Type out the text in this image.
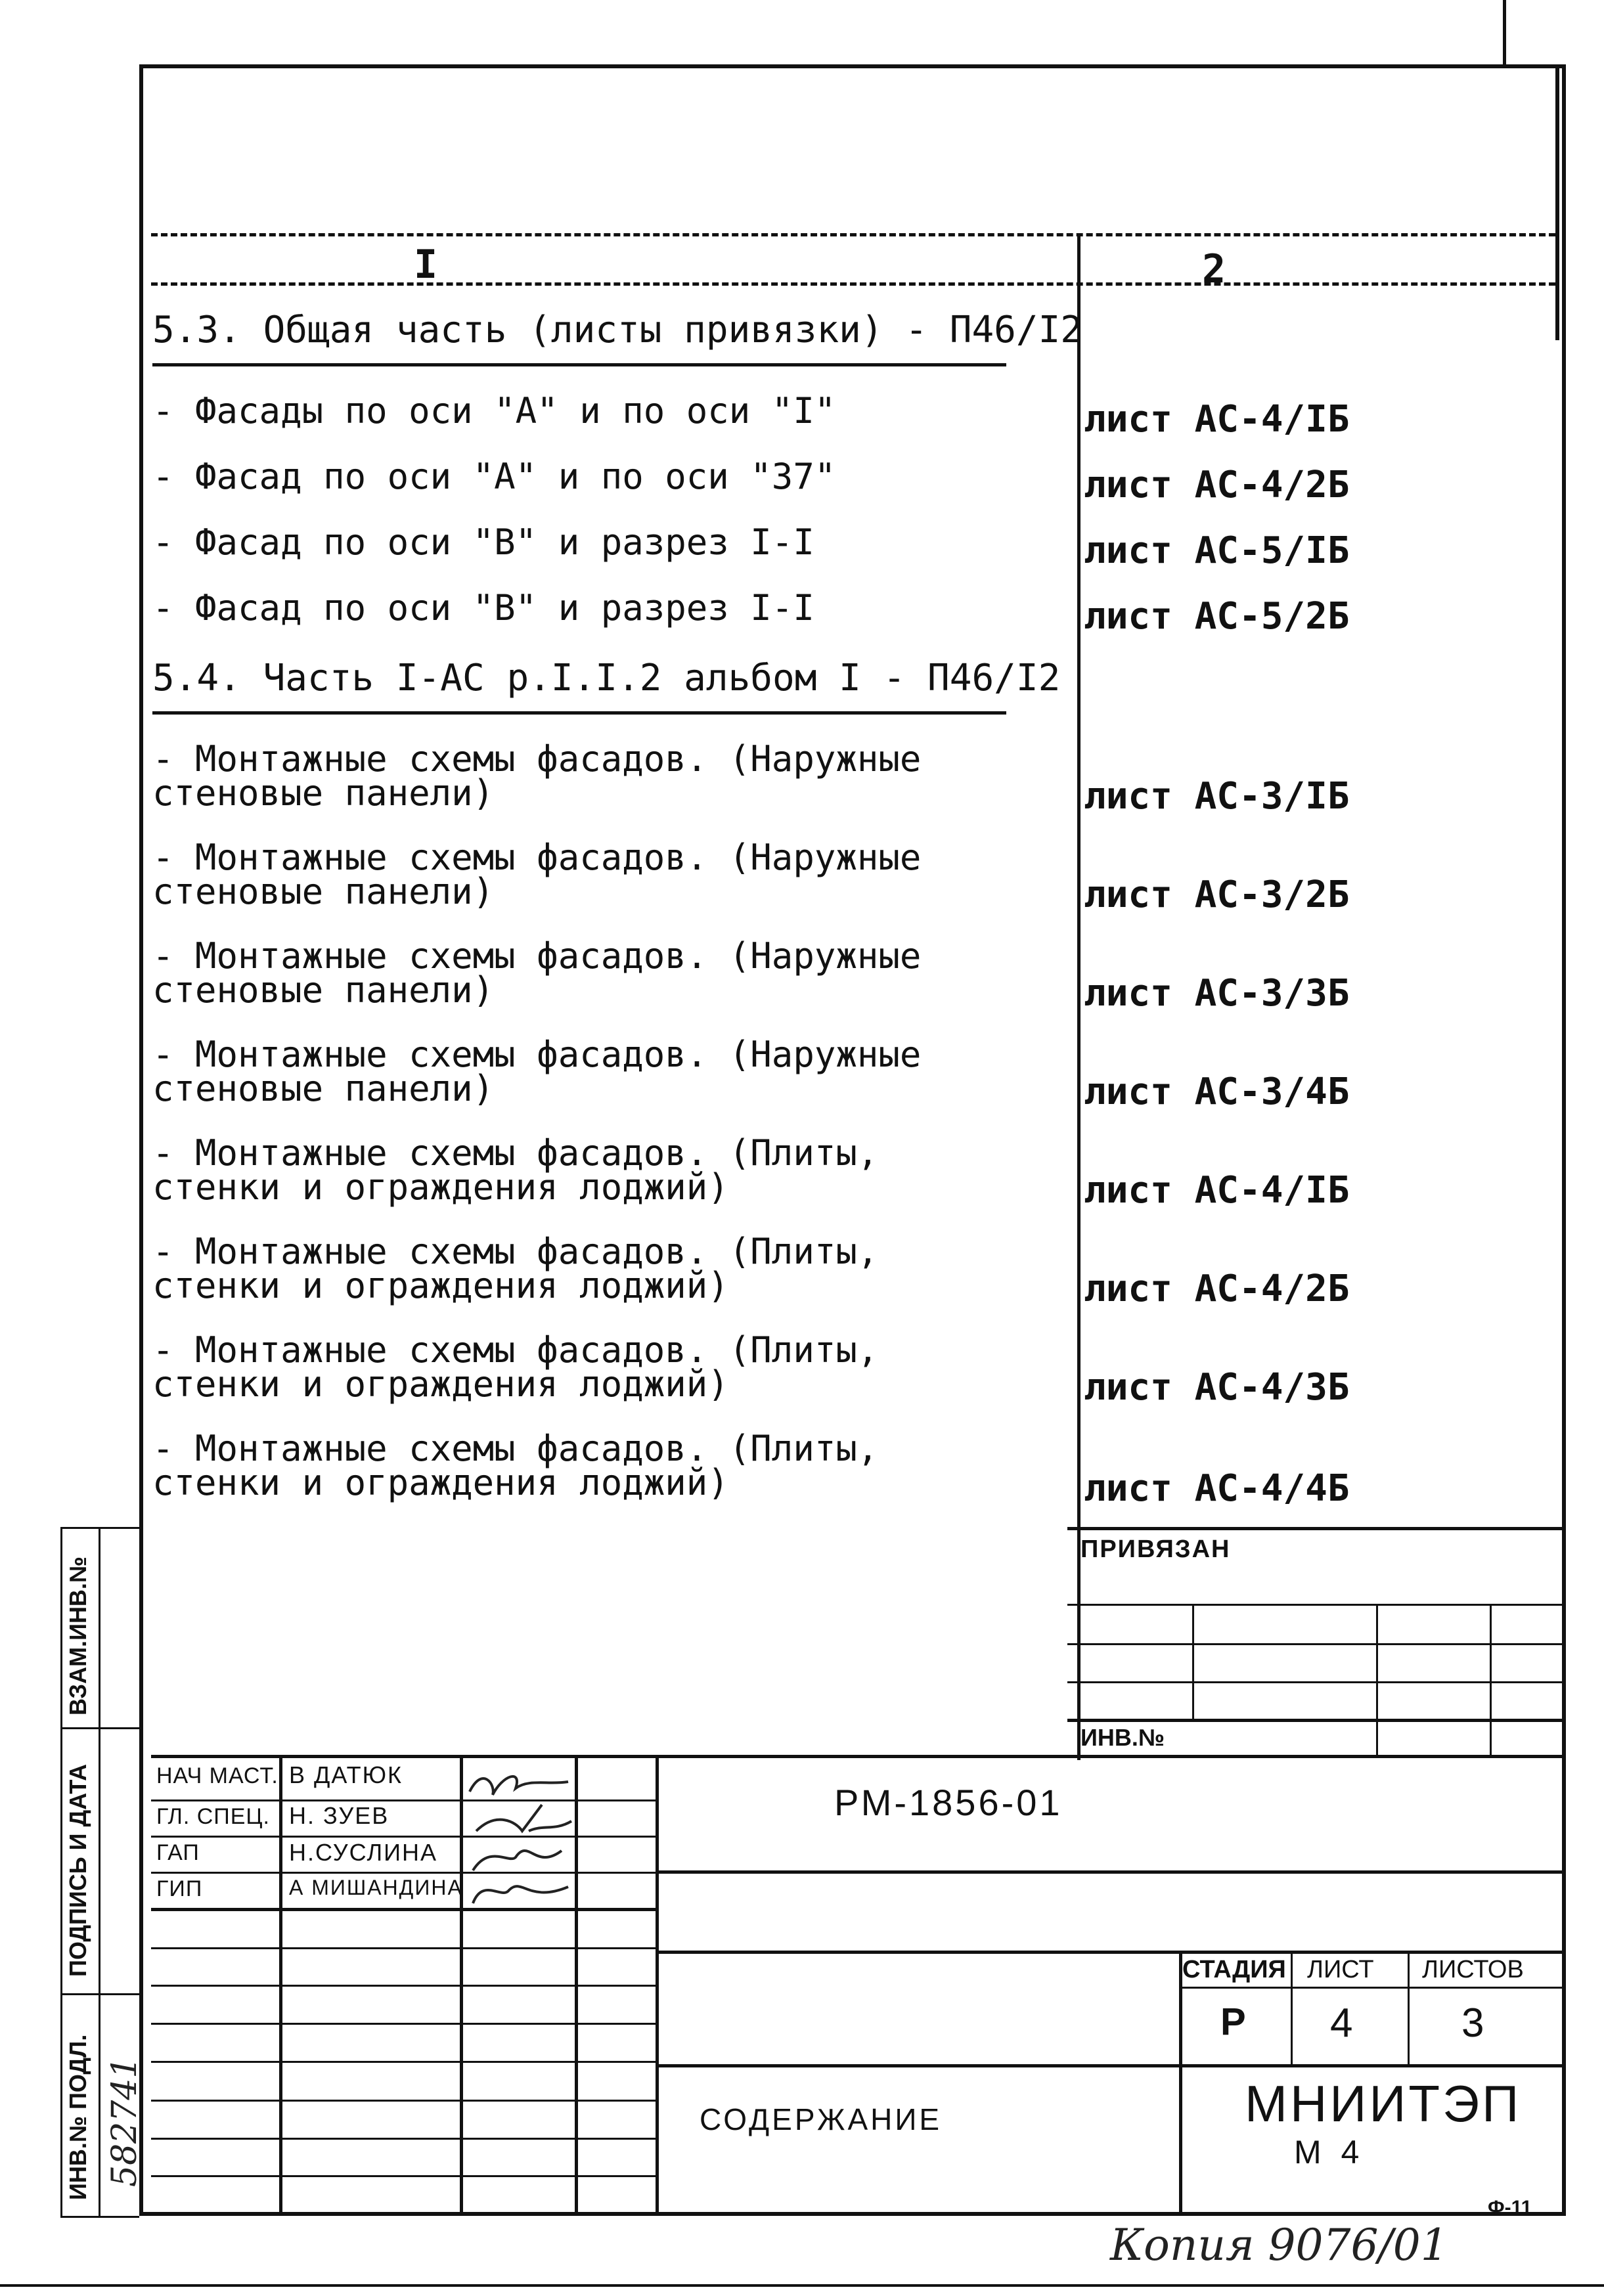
I	2
5.3. Общая часть (листы привязки) - П46/I2
- Фасады по оси "А" и по оси "I"	лист АС-4/IБ
- Фасад по оси "А" и по оси "37"	лист АС-4/2Б
- Фасад по оси "В" и разрез I-I	лист АС-5/IБ
- Фасад по оси "В" и разрез I-I	лист АС-5/2Б
5.4. Часть I-АС р.I.I.2 альбом I - П46/I2
- Монтажные схемы фасадов. (Наружные
стеновые панели)	лист АС-3/IБ
- Монтажные схемы фасадов. (Наружные
стеновые панели)	лист АС-3/2Б
- Монтажные схемы фасадов. (Наружные
стеновые панели)	лист АС-3/3Б
- Монтажные схемы фасадов. (Наружные
стеновые панели)	лист АС-3/4Б
- Монтажные схемы фасадов. (Плиты,
стенки и ограждения лоджий)	лист АС-4/IБ
- Монтажные схемы фасадов. (Плиты,
стенки и ограждения лоджий)	лист АС-4/2Б
- Монтажные схемы фасадов. (Плиты,
стенки и ограждения лоджий)	лист АС-4/3Б
- Монтажные схемы фасадов. (Плиты,
стенки и ограждения лоджий)	лист АС-4/4Б
ПРИВЯЗАН
ИНВ.№
НАЧ МАСТ. В ДАТЮК
ГЛ. СПЕЦ. Н. ЗУЕВ
ГАП	Н.СУСЛИНА
ГИП	А МИШАНДИНА
РМ-1856-01
СТАДИЯ ЛИСТ ЛИСТОВ
Р 4	3
СОДЕРЖАНИЕ	МНИИТЭП
М 4
ВЗАМ.ИНВ.№
ПОДПИСЬ И ДАТА
ИНВ.№ ПОДЛ. 582741
Копия 9076/01
Ф-11
